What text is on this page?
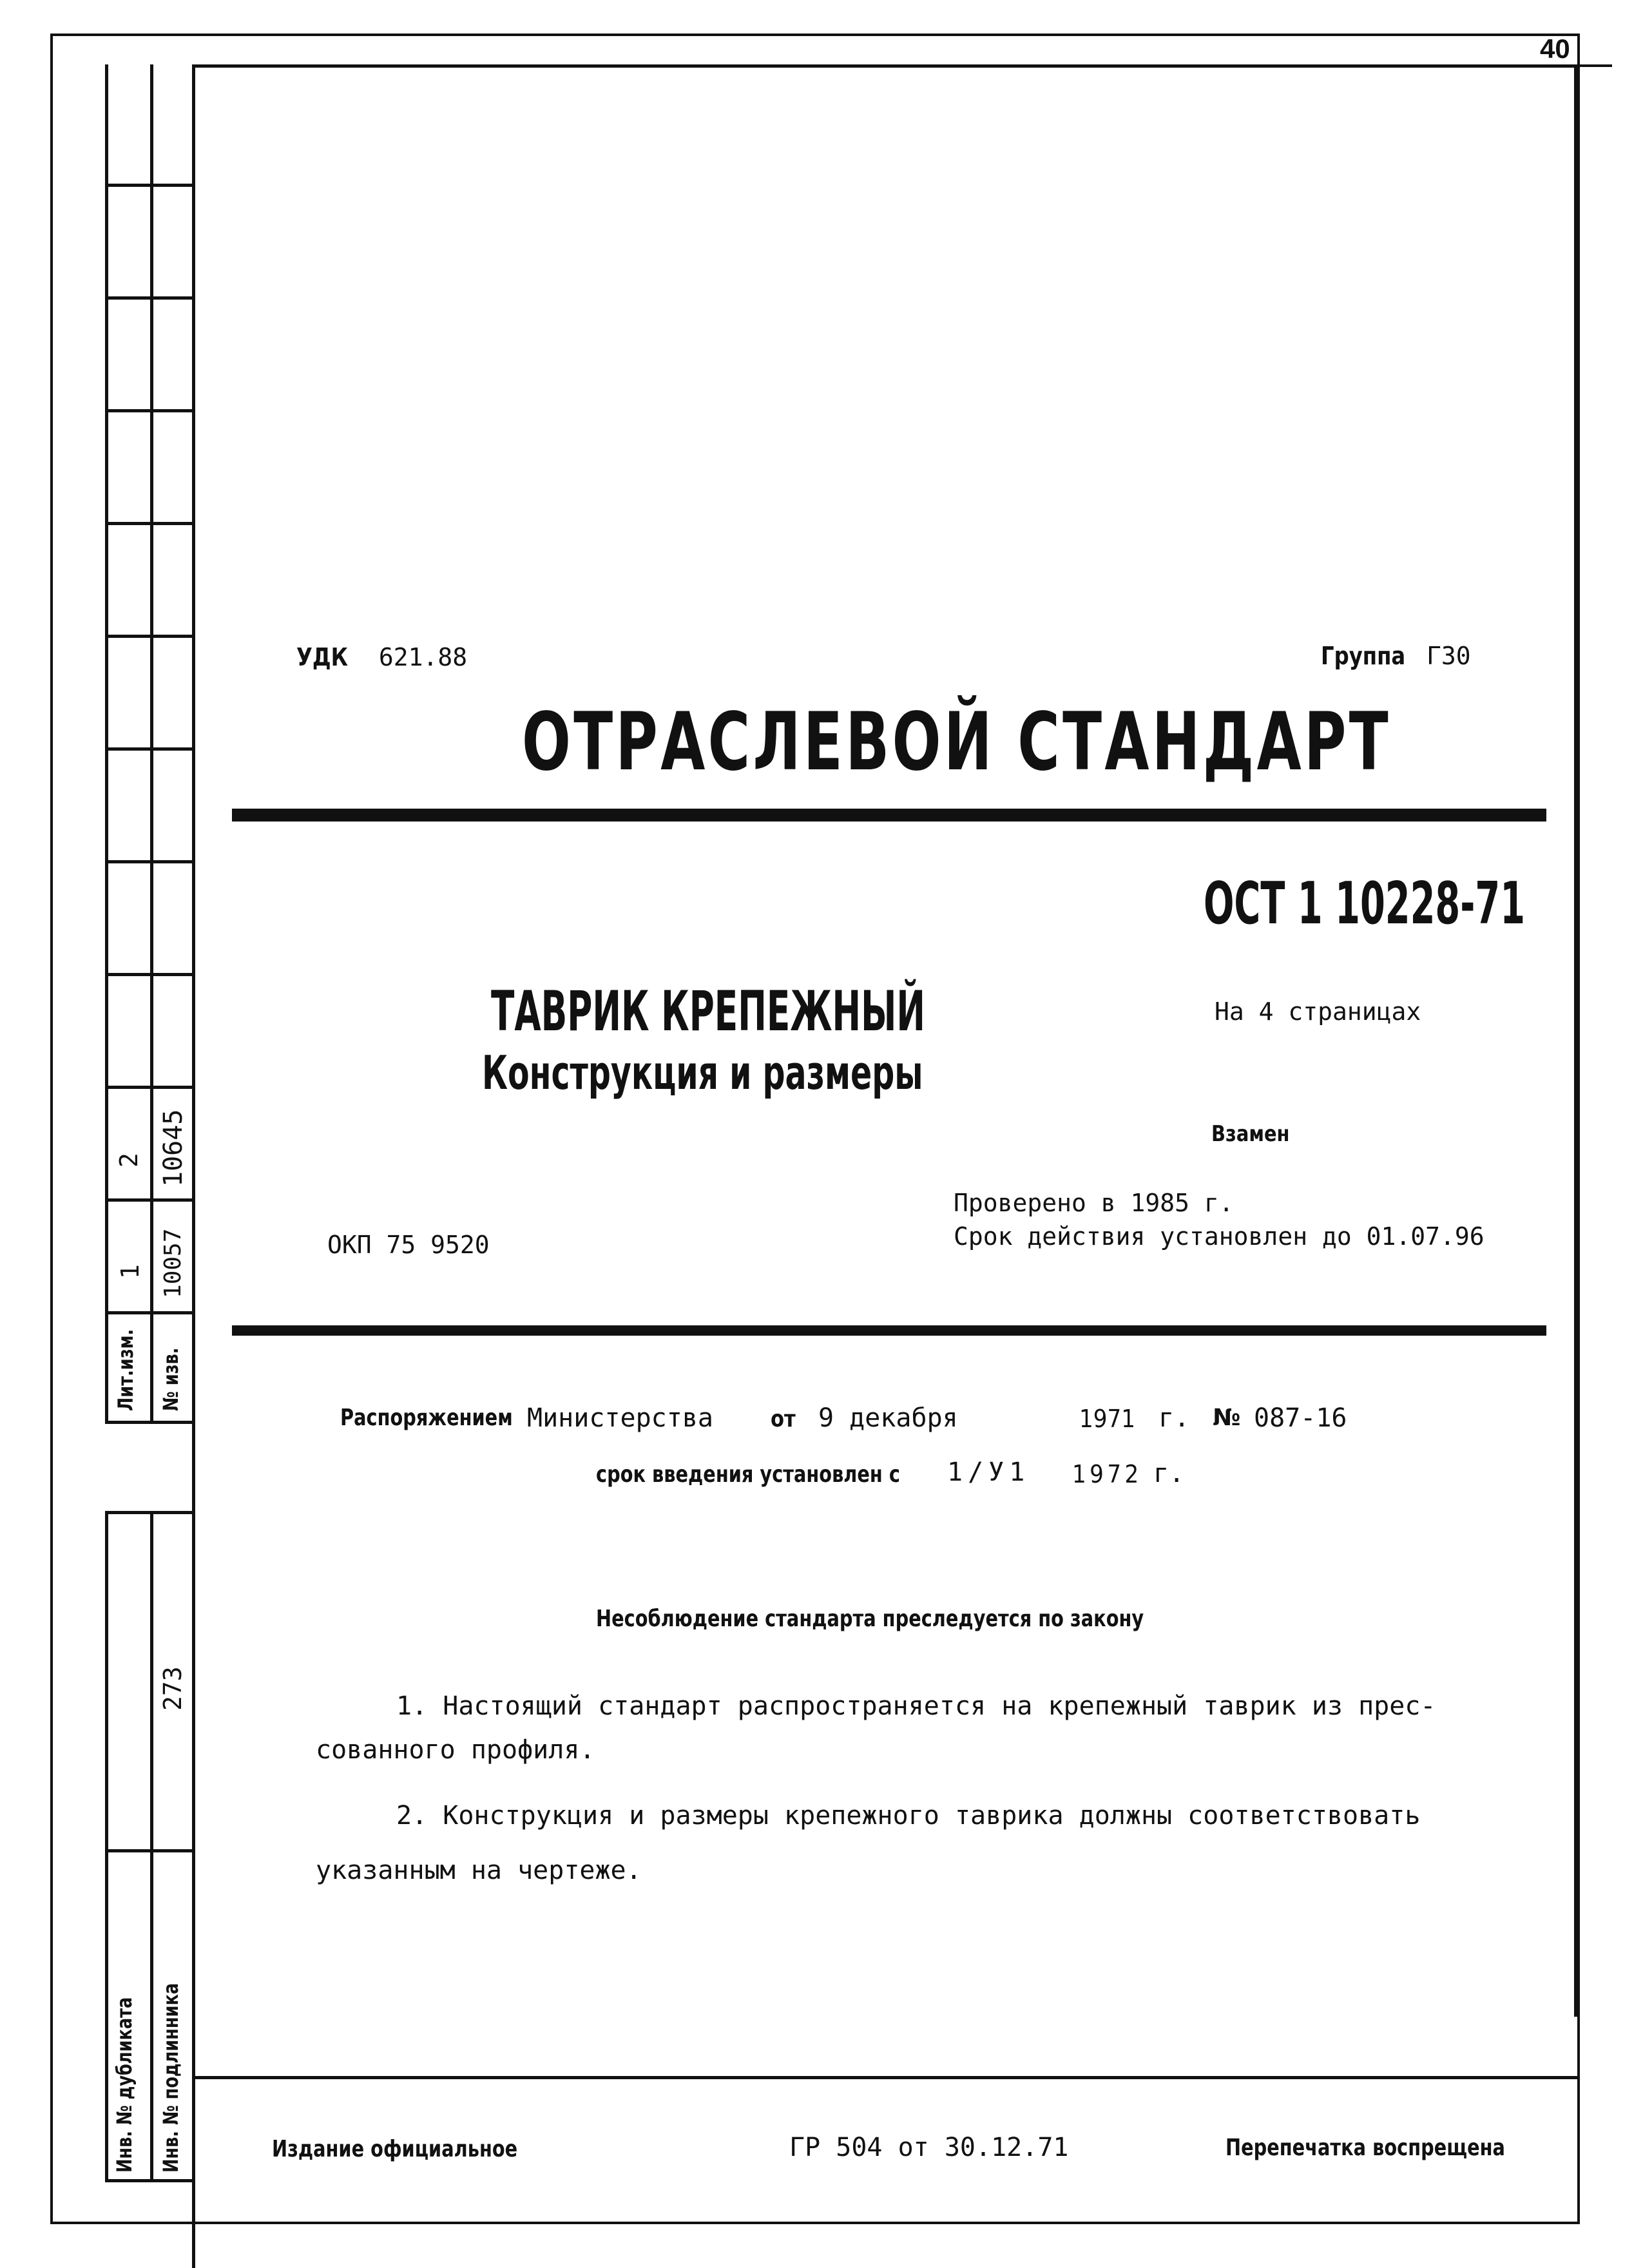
40
2 10645
1 10057
Лит.изм. № изв.
273
Инв. № дубликата Инв. № подлинника
УДК 621.88	Группа Г30
ОТРАСЛЕВОЙ СТАНДАРТ
ОСТ 1 10228-71
ТАВРИК КРЕПЕЖНЫЙ
Конструкция и размеры
На 4 страницах
Взамен
Проверено в 1985 г.
Срок действия установлен до 01.07.96
ОКП 75 9520
Распоряжением Министерства от 9 декабря	1971 г. № 087-16
срок введения установлен с 1/У1 1972 г.
Несоблюдение стандарта преследуется по закону
1. Настоящий стандарт распространяется на крепежный таврик из прес-
сованного профиля.
2. Конструкция и размеры крепежного таврика должны соответствовать
указанным на чертеже.
Издание официальное	ГР 504 от 30.12.71	Перепечатка воспрещена
